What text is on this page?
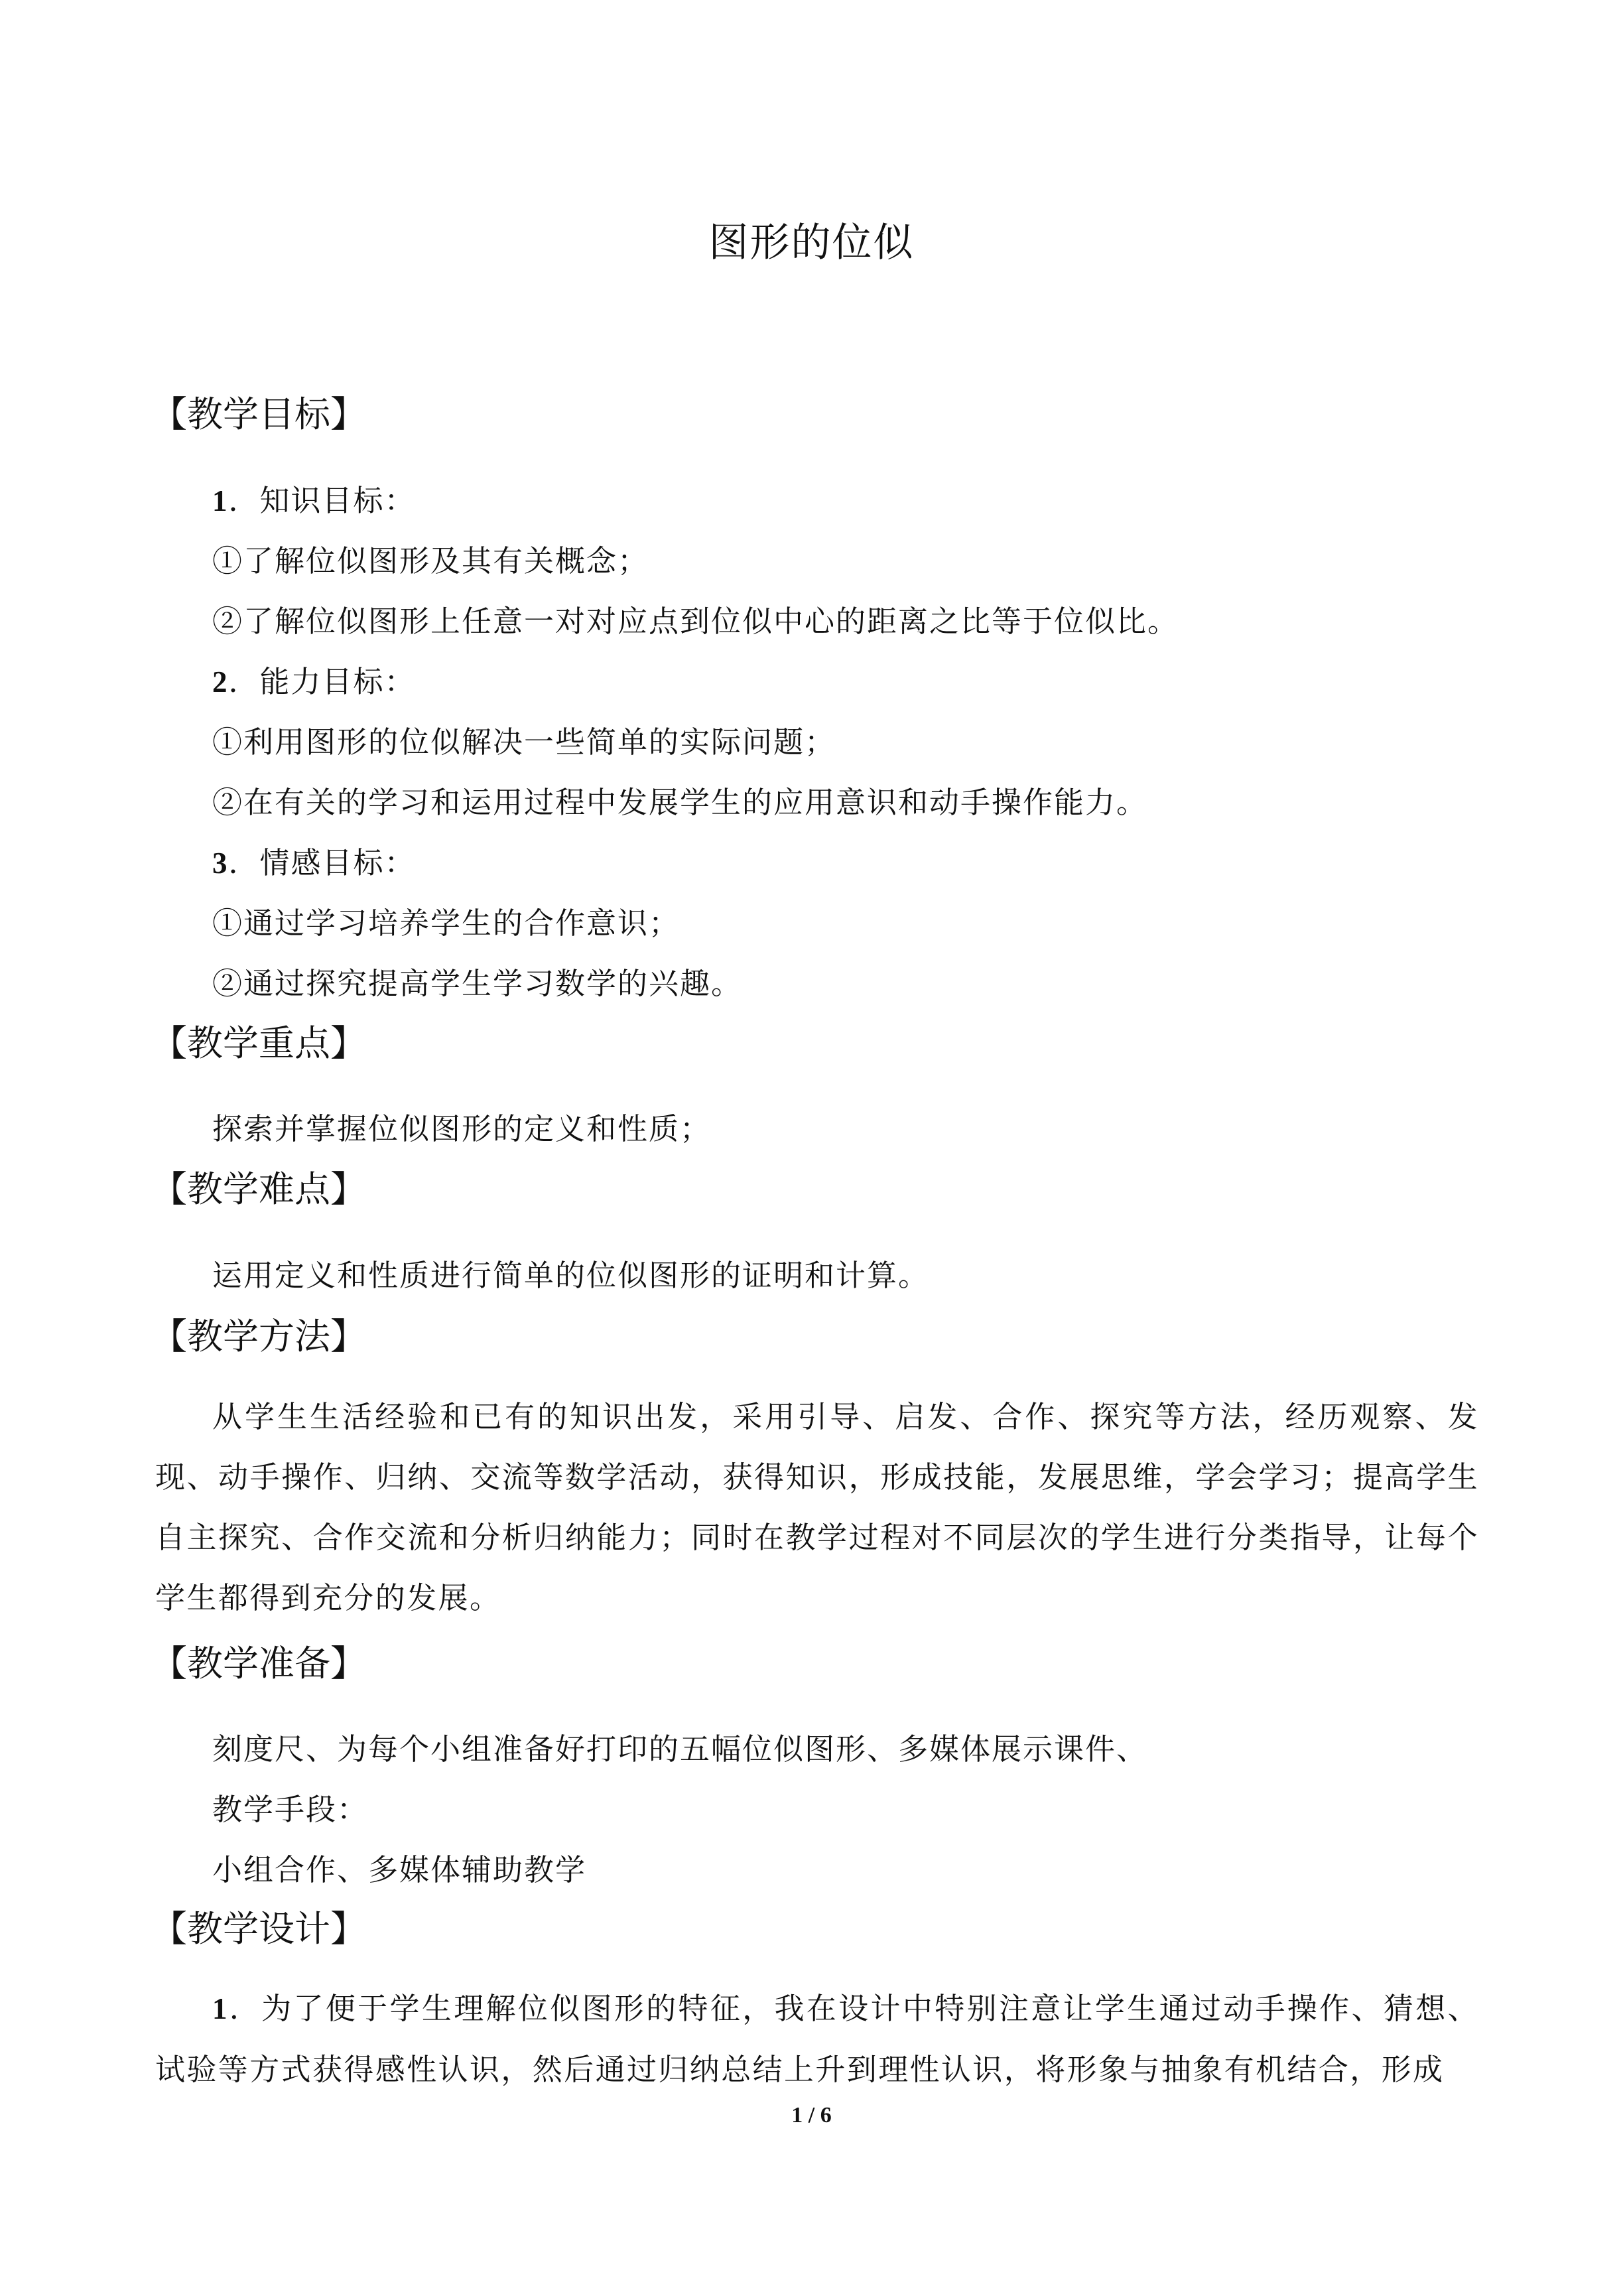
图形的位似
【教学目标】
1．知识目标：
①了解位似图形及其有关概念；
②了解位似图形上任意一对对应点到位似中心的距离之比等于位似比。
2．能力目标：
①利用图形的位似解决一些简单的实际问题；
②在有关的学习和运用过程中发展学生的应用意识和动手操作能力。
3．情感目标：
①通过学习培养学生的合作意识；
②通过探究提高学生学习数学的兴趣。
【教学重点】
探索并掌握位似图形的定义和性质；
【教学难点】
运用定义和性质进行简单的位似图形的证明和计算。
【教学方法】
从学生生活经验和已有的知识出发，采用引导、启发、合作、探究等方法，经历观察、发现、动手操作、归纳、交流等数学活动，获得知识，形成技能，发展思维，学会学习；提高学生自主探究、合作交流和分析归纳能力；同时在教学过程对不同层次的学生进行分类指导，让每个学生都得到充分的发展。
【教学准备】
刻度尺、为每个小组准备好打印的五幅位似图形、多媒体展示课件、
教学手段：
小组合作、多媒体辅助教学
【教学设计】
1．为了便于学生理解位似图形的特征，我在设计中特别注意让学生通过动手操作、猜想、试验等方式获得感性认识，然后通过归纳总结上升到理性认识，将形象与抽象有机结合，形成
1 / 6
